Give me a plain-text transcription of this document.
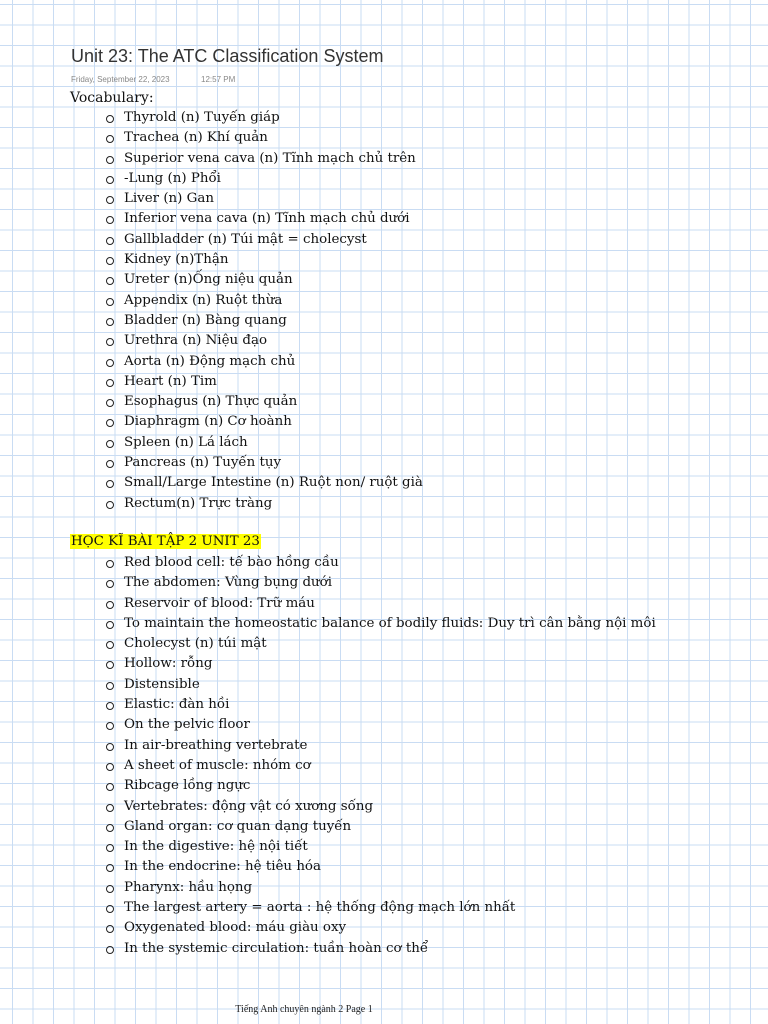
Unit 23: The ATC Classification System
Friday, September 22, 2023	12:57 PM
Vocabulary:
Thyrold (n) Tuyến giáp
Trachea (n) Khí quản
Superior vena cava (n) Tĩnh mạch chủ trên
-Lung (n) Phổi
Liver (n) Gan
Inferior vena cava (n) Tĩnh mạch chủ dưới
Gallbladder (n) Túi mật = cholecyst
Kidney (n)Thận
Ureter (n)Ống niệu quản
Appendix (n) Ruột thừa
Bladder (n) Bàng quang
Urethra (n) Niệu đạo
Aorta (n) Động mạch chủ
Heart (n) Tim
Esophagus (n) Thực quản
Diaphragm (n) Cơ hoành
Spleen (n) Lá lách
Pancreas (n) Tuyến tụy
Small/Large Intestine (n) Ruột non/ ruột già
Rectum(n) Trực tràng
HỌC KĨ BÀI TẬP 2 UNIT 23
Red blood cell: tế bào hồng cầu
The abdomen: Vùng bụng dưới
Reservoir of blood: Trữ máu
To maintain the homeostatic balance of bodily fluids: Duy trì cân bằng nội môi
Cholecyst (n) túi mật
Hollow: rỗng
Distensible
Elastic: đàn hồi
On the pelvic floor
In air-breathing vertebrate
A sheet of muscle: nhóm cơ
Ribcage lồng ngực
Vertebrates: động vật có xương sống
Gland organ: cơ quan dạng tuyến
In the digestive: hệ nội tiết
In the endocrine: hệ tiêu hóa
Pharynx: hầu họng
The largest artery = aorta : hệ thống động mạch lớn nhất
Oxygenated blood: máu giàu oxy
In the systemic circulation: tuần hoàn cơ thể
Tiếng Anh chuyên ngành 2 Page 1
